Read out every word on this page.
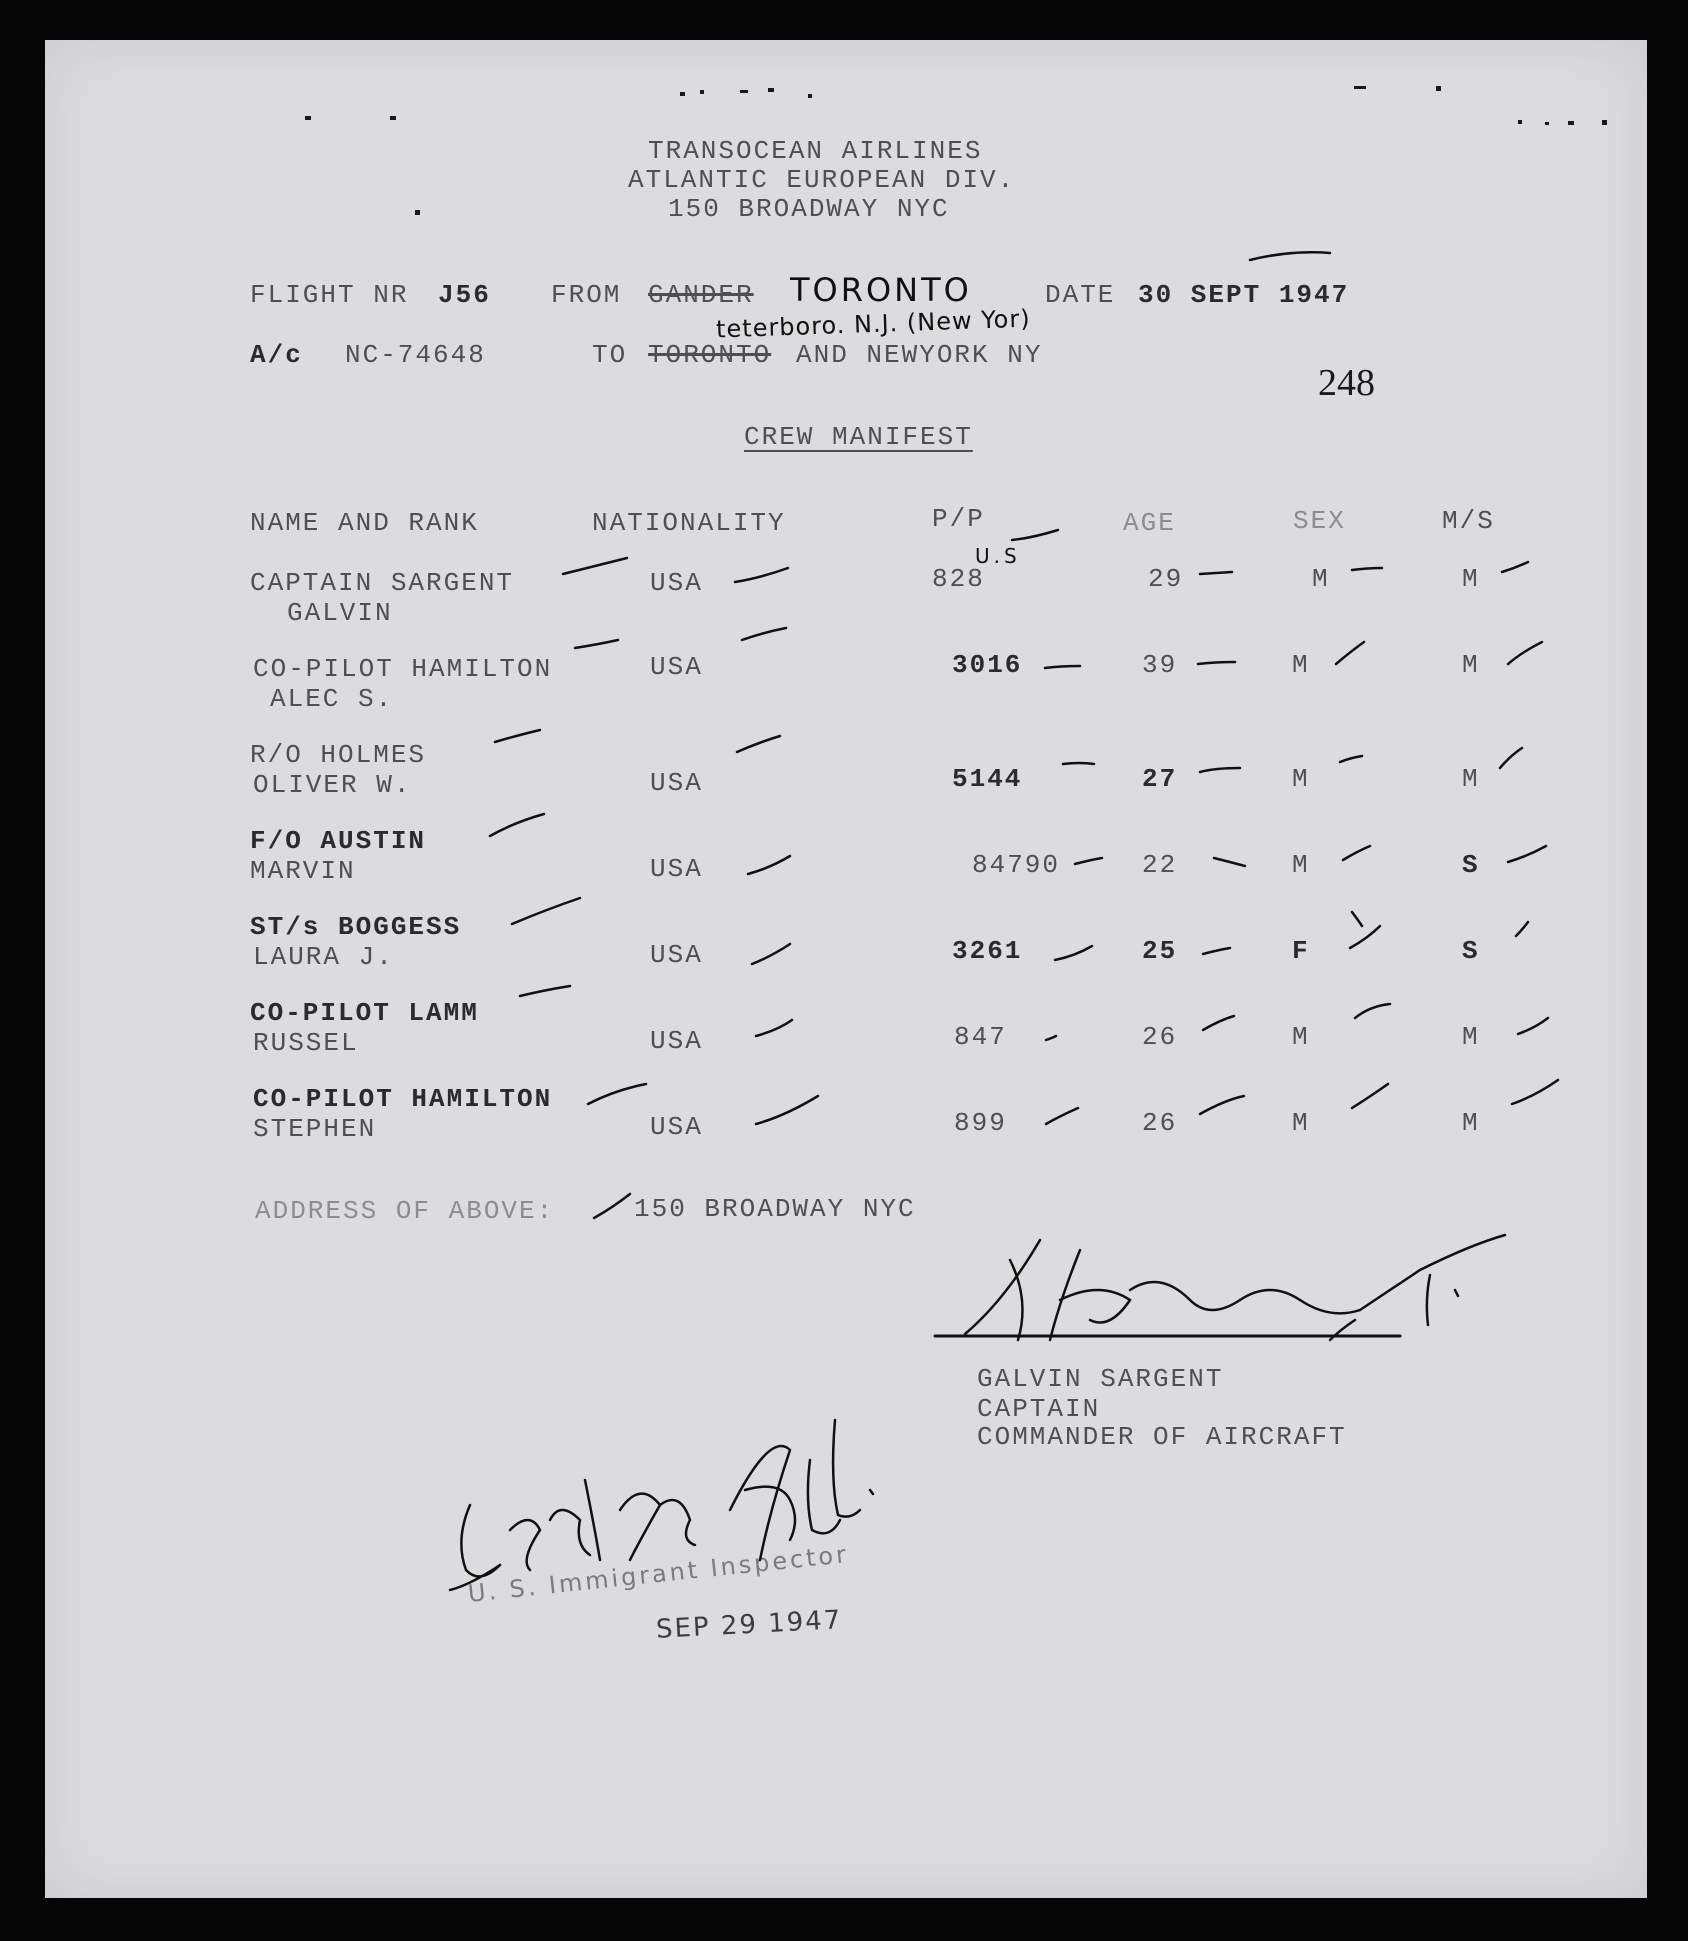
TRANSOCEAN AIRLINES
ATLANTIC EUROPEAN DIV.
150 BROADWAY NYC
FLIGHT NR J56 FROM GANDER TORONTO	DATE 30 SEPT 1947
A/c NC-74648	TO TORONTO AND NEWYORK NY
teterboro. N.J. (New Yor)
248
CREW MANIFEST
NAME AND RANK	NATIONALITY	P/P	AGE	SEX	M/S
U.S
CAPTAIN SARGENT
GALVIN
USA	828	29	M	M
CO-PILOT HAMILTON
ALEC S.
USA	3016	39	M	M
R/O HOLMES
OLIVER W.	USA	5144	27	M	M
F/O AUSTIN
MARVIN	USA	84790	22	M	S
ST/s BOGGESS
LAURA J.	USA	3261	25	F	S
CO-PILOT LAMM
RUSSEL	USA	847	26	M	M
CO-PILOT HAMILTON
STEPHEN	USA	899	26	M	M
ADDRESS OF ABOVE:	150 BROADWAY NYC
GALVIN SARGENT
CAPTAIN
COMMANDER OF AIRCRAFT
U. S. Immigrant Inspector
SEP 29 1947
